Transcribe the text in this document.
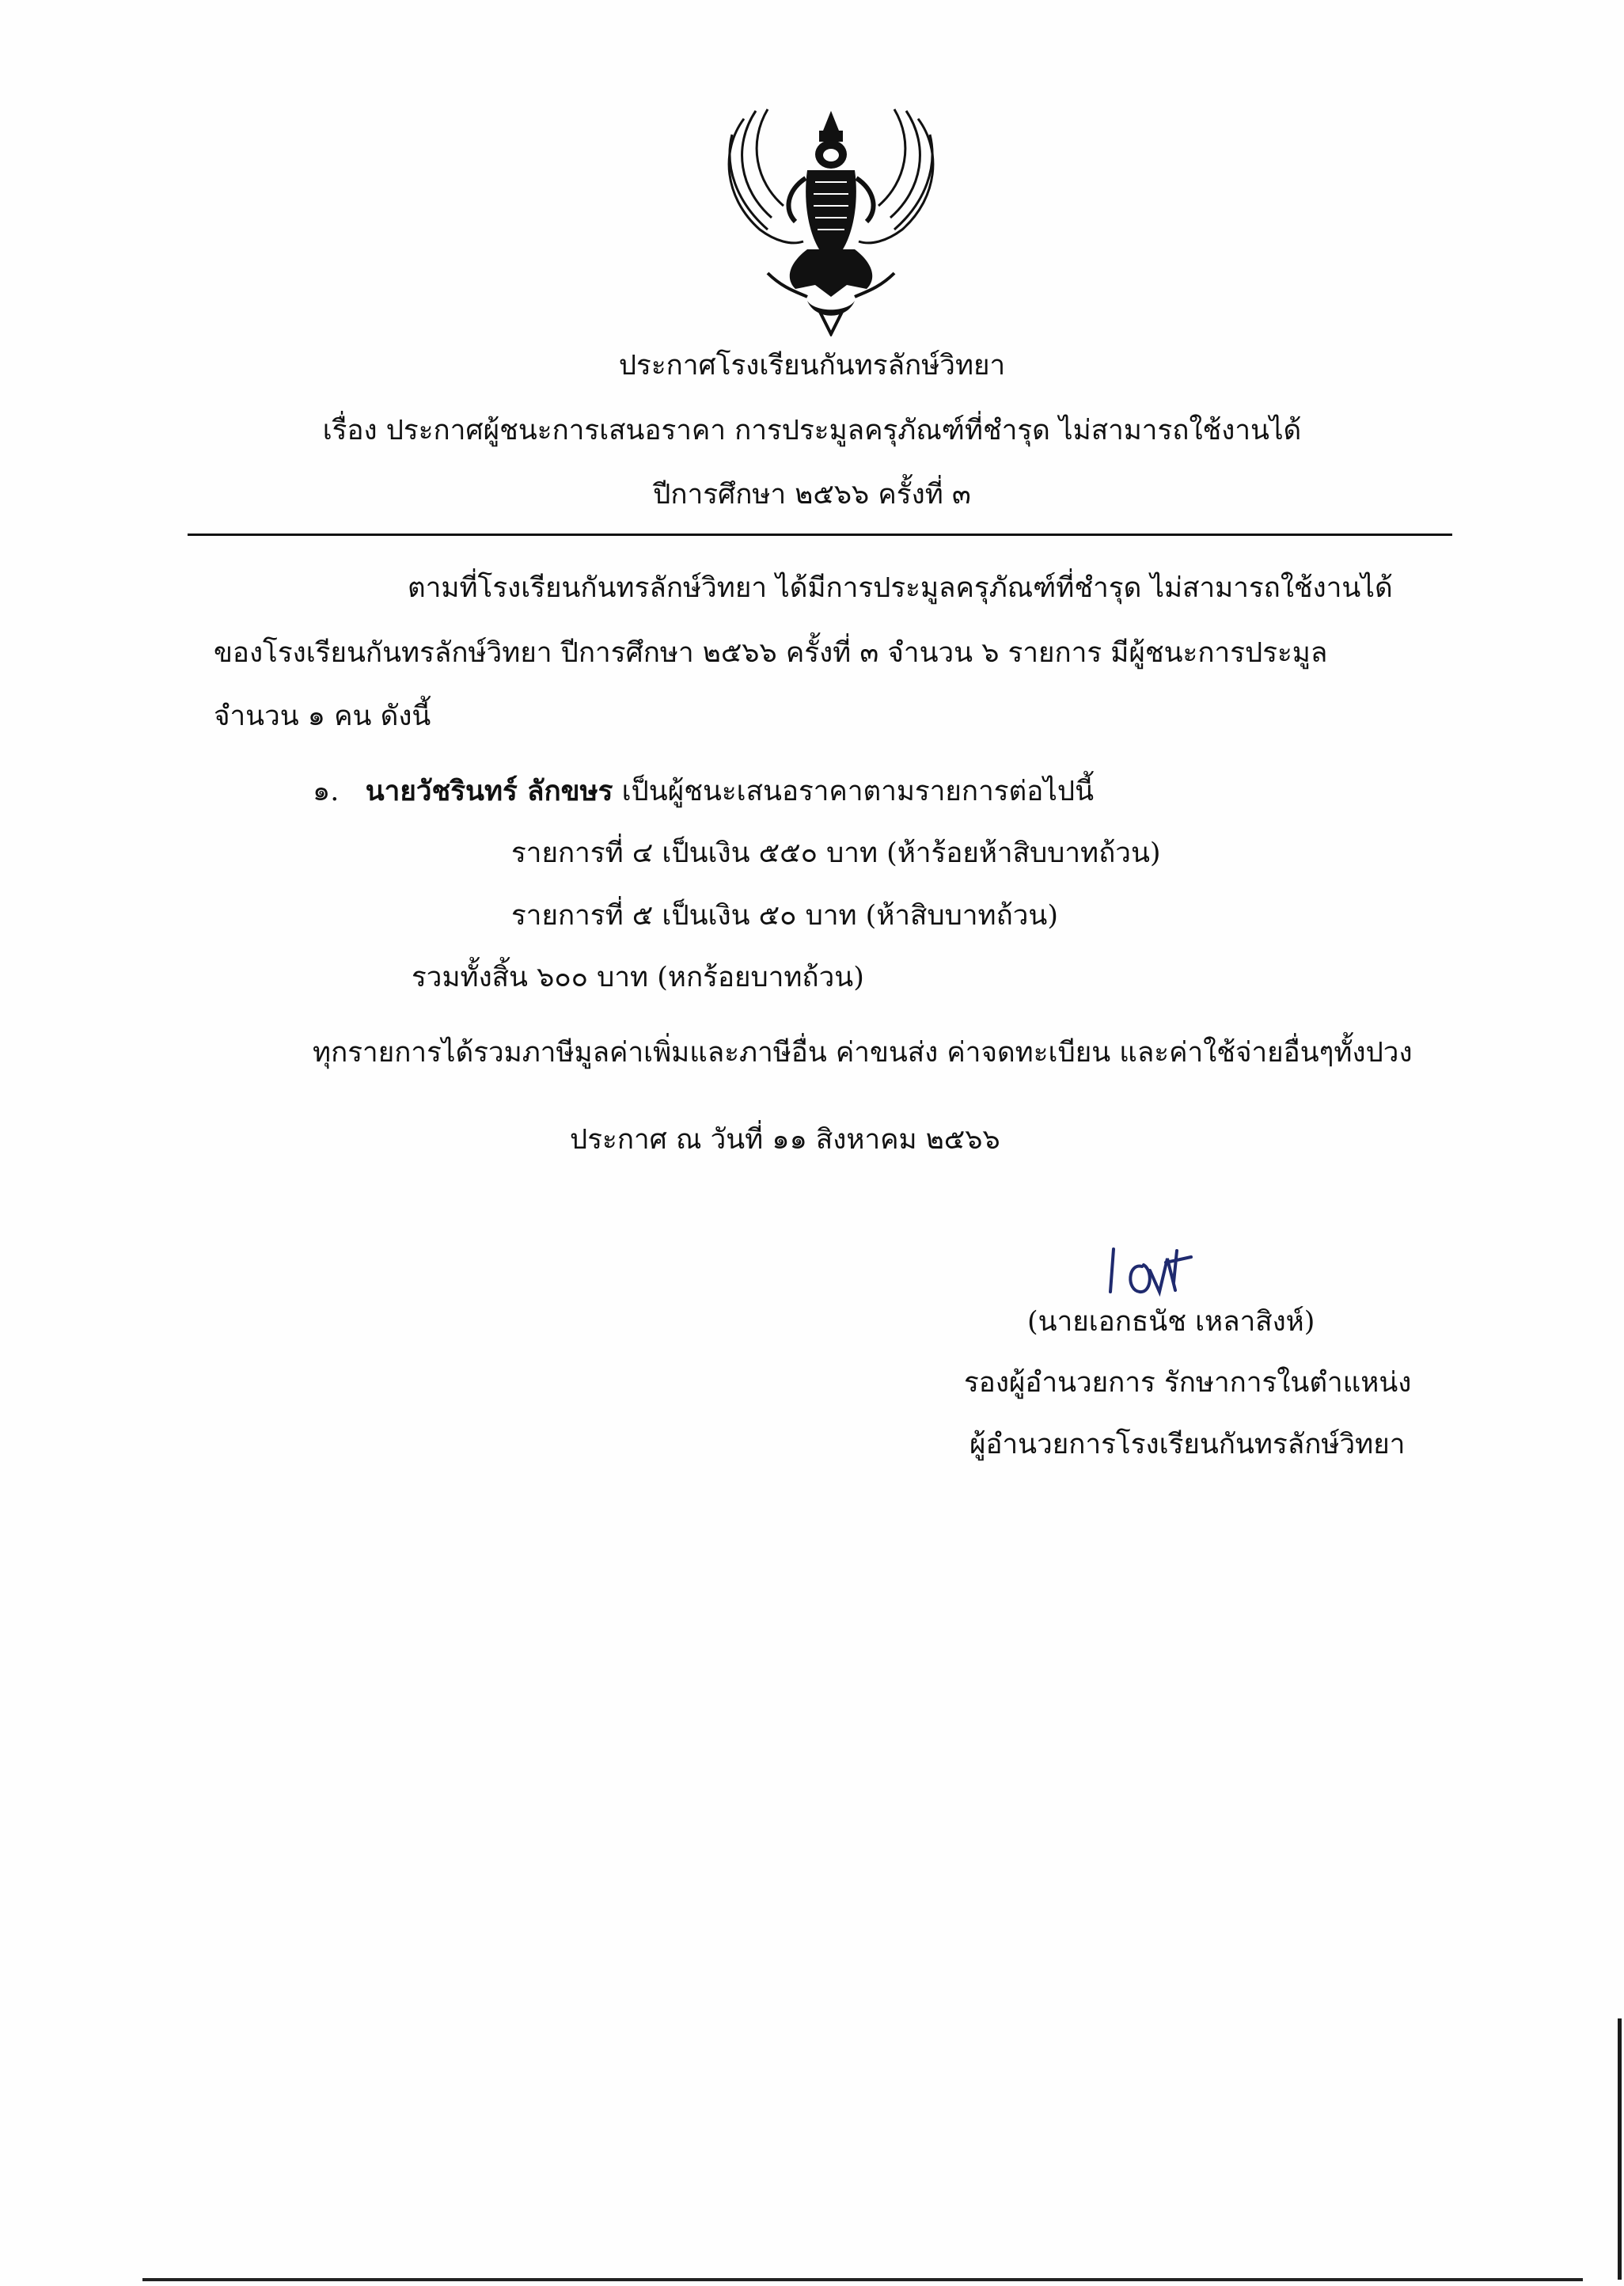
ประกาศโรงเรียนกันทรลักษ์วิทยา
เรื่อง ประกาศผู้ชนะการเสนอราคา การประมูลครุภัณฑ์ที่ชำรุด ไม่สามารถใช้งานได้
ปีการศึกษา ๒๕๖๖ ครั้งที่ ๓
ตามที่โรงเรียนกันทรลักษ์วิทยา ได้มีการประมูลครุภัณฑ์ที่ชำรุด ไม่สามารถใช้งานได้
ของโรงเรียนกันทรลักษ์วิทยา ปีการศึกษา ๒๕๖๖ ครั้งที่ ๓ จำนวน ๖ รายการ มีผู้ชนะการประมูล
จำนวน ๑ คน ดังนี้
๑. นายวัชรินทร์ ลักขษร เป็นผู้ชนะเสนอราคาตามรายการต่อไปนี้
รายการที่ ๔ เป็นเงิน ๕๕๐ บาท (ห้าร้อยห้าสิบบาทถ้วน)
รายการที่ ๕ เป็นเงิน ๕๐ บาท (ห้าสิบบาทถ้วน)
รวมทั้งสิ้น ๖๐๐ บาท (หกร้อยบาทถ้วน)
ทุกรายการได้รวมภาษีมูลค่าเพิ่มและภาษีอื่น ค่าขนส่ง ค่าจดทะเบียน และค่าใช้จ่ายอื่นๆทั้งปวง
ประกาศ ณ วันที่ ๑๑ สิงหาคม ๒๕๖๖
(นายเอกธนัช เหลาสิงห์)
รองผู้อำนวยการ รักษาการในตำแหน่ง
ผู้อำนวยการโรงเรียนกันทรลักษ์วิทยา
